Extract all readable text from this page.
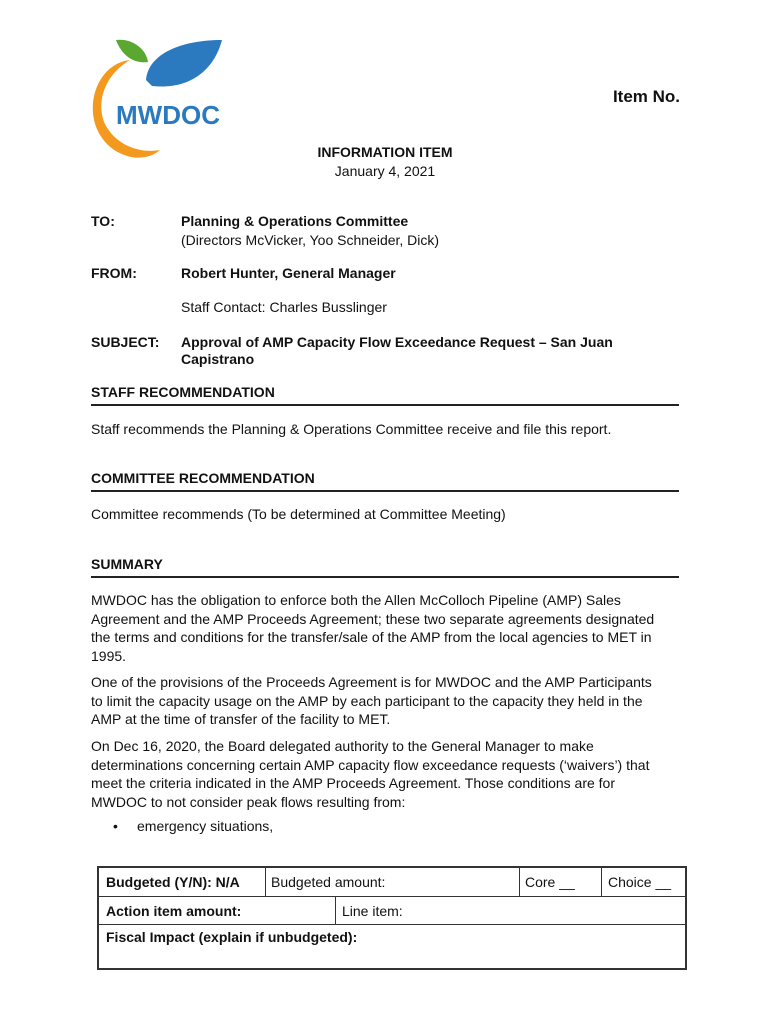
MWDOC
Item No.
INFORMATION ITEM
January 4, 2021
TO:	Planning & Operations Committee
(Directors McVicker, Yoo Schneider, Dick)
FROM:	Robert Hunter, General Manager
Staff Contact: Charles Busslinger
SUBJECT: Approval of AMP Capacity Flow Exceedance Request – San Juan
Capistrano
STAFF RECOMMENDATION
Staff recommends the Planning & Operations Committee receive and file this report.
COMMITTEE RECOMMENDATION
Committee recommends (To be determined at Committee Meeting)
SUMMARY
MWDOC has the obligation to enforce both the Allen McColloch Pipeline (AMP) Sales
Agreement and the AMP Proceeds Agreement; these two separate agreements designated
the terms and conditions for the transfer/sale of the AMP from the local agencies to MET in
1995.
One of the provisions of the Proceeds Agreement is for MWDOC and the AMP Participants
to limit the capacity usage on the AMP by each participant to the capacity they held in the
AMP at the time of transfer of the facility to MET.
On Dec 16, 2020, the Board delegated authority to the General Manager to make
determinations concerning certain AMP capacity flow exceedance requests (‘waivers’) that
meet the criteria indicated in the AMP Proceeds Agreement. Those conditions are for
MWDOC to not consider peak flows resulting from:
• emergency situations,
Budgeted (Y/N): N/A Budgeted amount:	Core __ Choice __
Action item amount:	Line item:
Fiscal Impact (explain if unbudgeted):
